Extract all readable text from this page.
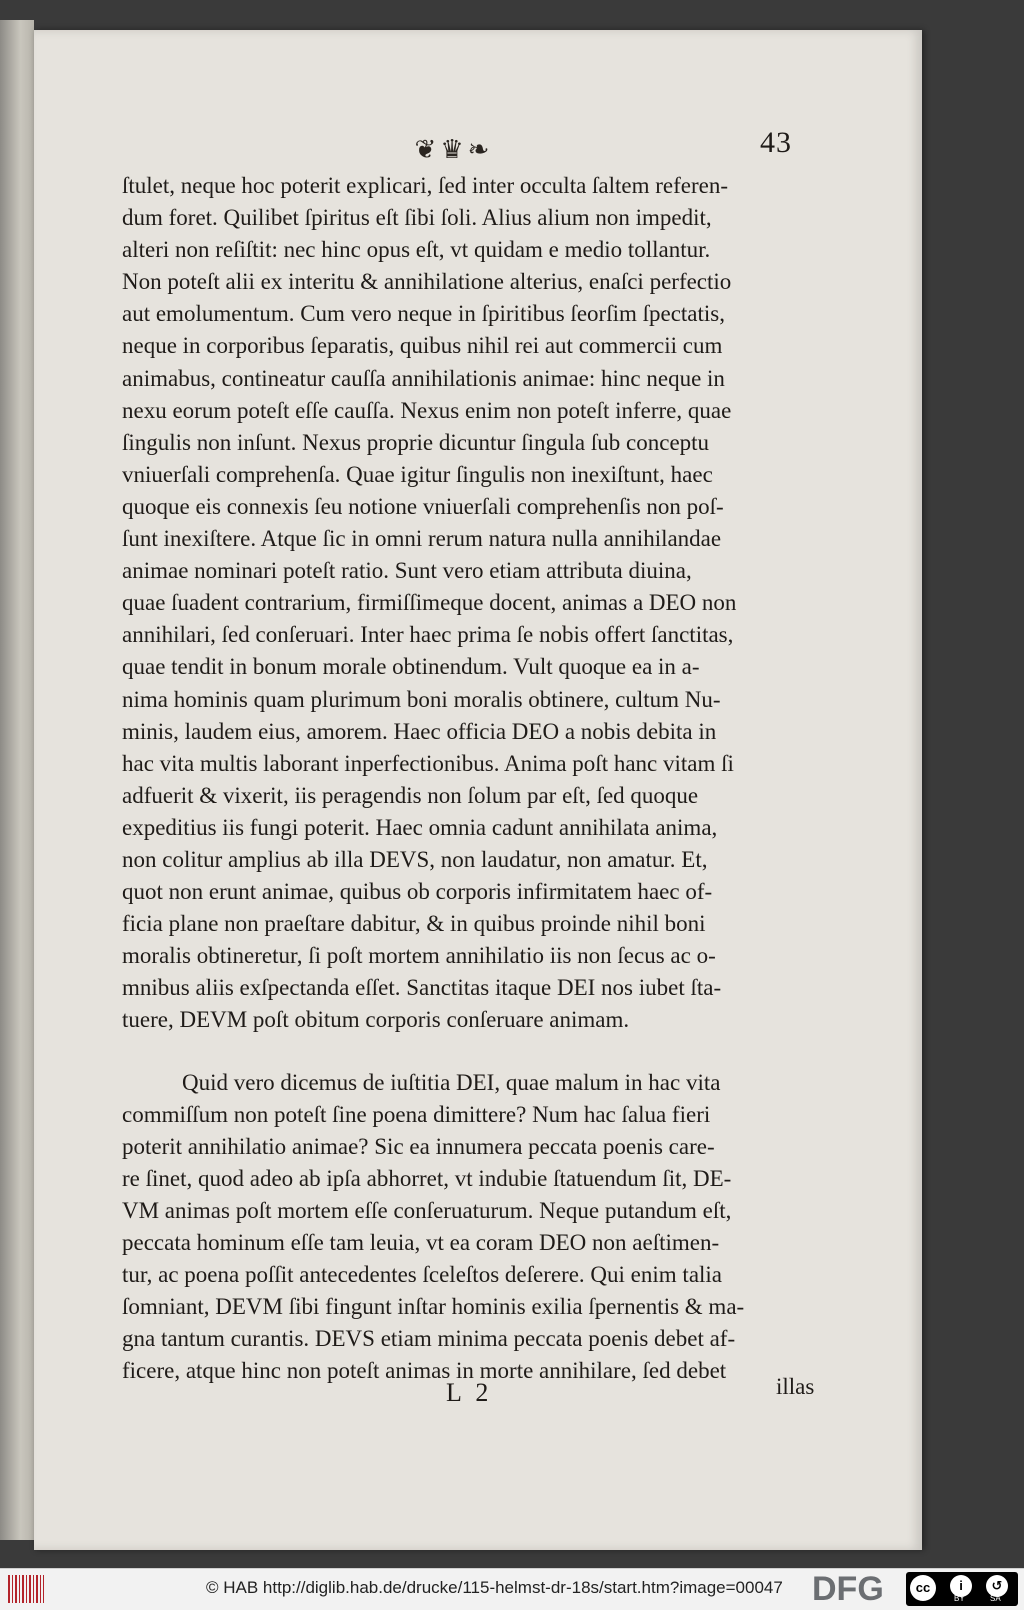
❦ ♛ ❧	43
ſtulet, neque hoc poterit explicari, ſed inter occulta ſaltem referen-
dum foret. Quilibet ſpiritus eſt ſibi ſoli. Alius alium non impedit,
alteri non reſiſtit: nec hinc opus eſt, vt quidam e medio tollantur.
Non poteſt alii ex interitu & annihilatione alterius, enaſci perfectio
aut emolumentum. Cum vero neque in ſpiritibus ſeorſim ſpectatis,
neque in corporibus ſeparatis, quibus nihil rei aut commercii cum
animabus, contineatur cauſſa annihilationis animae: hinc neque in
nexu eorum poteſt eſſe cauſſa. Nexus enim non poteſt inferre, quae
ſingulis non inſunt. Nexus proprie dicuntur ſingula ſub conceptu
vniuerſali comprehenſa. Quae igitur ſingulis non inexiſtunt, haec
quoque eis connexis ſeu notione vniuerſali comprehenſis non poſ-
ſunt inexiſtere. Atque ſic in omni rerum natura nulla annihilandae
animae nominari poteſt ratio. Sunt vero etiam attributa diuina,
quae ſuadent contrarium, firmiſſimeque docent, animas a DEO non
annihilari, ſed conſeruari. Inter haec prima ſe nobis offert ſanctitas,
quae tendit in bonum morale obtinendum. Vult quoque ea in a-
nima hominis quam plurimum boni moralis obtinere, cultum Nu-
minis, laudem eius, amorem. Haec officia DEO a nobis debita in
hac vita multis laborant inperfectionibus. Anima poſt hanc vitam ſi
adfuerit & vixerit, iis peragendis non ſolum par eſt, ſed quoque
expeditius iis fungi poterit. Haec omnia cadunt annihilata anima,
non colitur amplius ab illa DEVS, non laudatur, non amatur. Et,
quot non erunt animae, quibus ob corporis infirmitatem haec of-
ficia plane non praeſtare dabitur, & in quibus proinde nihil boni
moralis obtineretur, ſi poſt mortem annihilatio iis non ſecus ac o-
mnibus aliis exſpectanda eſſet. Sanctitas itaque DEI nos iubet ſta-
tuere, DEVM poſt obitum corporis conſeruare animam.
Quid vero dicemus de iuſtitia DEI, quae malum in hac vita
commiſſum non poteſt ſine poena dimittere? Num hac ſalua fieri
poterit annihilatio animae? Sic ea innumera peccata poenis care-
re ſinet, quod adeo ab ipſa abhorret, vt indubie ſtatuendum ſit, DE-
VM animas poſt mortem eſſe conſeruaturum. Neque putandum eſt,
peccata hominum eſſe tam leuia, vt ea coram DEO non aeſtimen-
tur, ac poena poſſit antecedentes ſceleſtos deſerere. Qui enim talia
ſomniant, DEVM ſibi fingunt inſtar hominis exilia ſpernentis & ma-
gna tantum curantis. DEVS etiam minima peccata poenis debet af-
ficere, atque hinc non poteſt animas in morte annihilare, ſed debet
L 2	illas
© HAB http://diglib.hab.de/drucke/115-helmst-dr-18s/start.htm?image=00047 DFG	cc	i	↺
BY	SA
